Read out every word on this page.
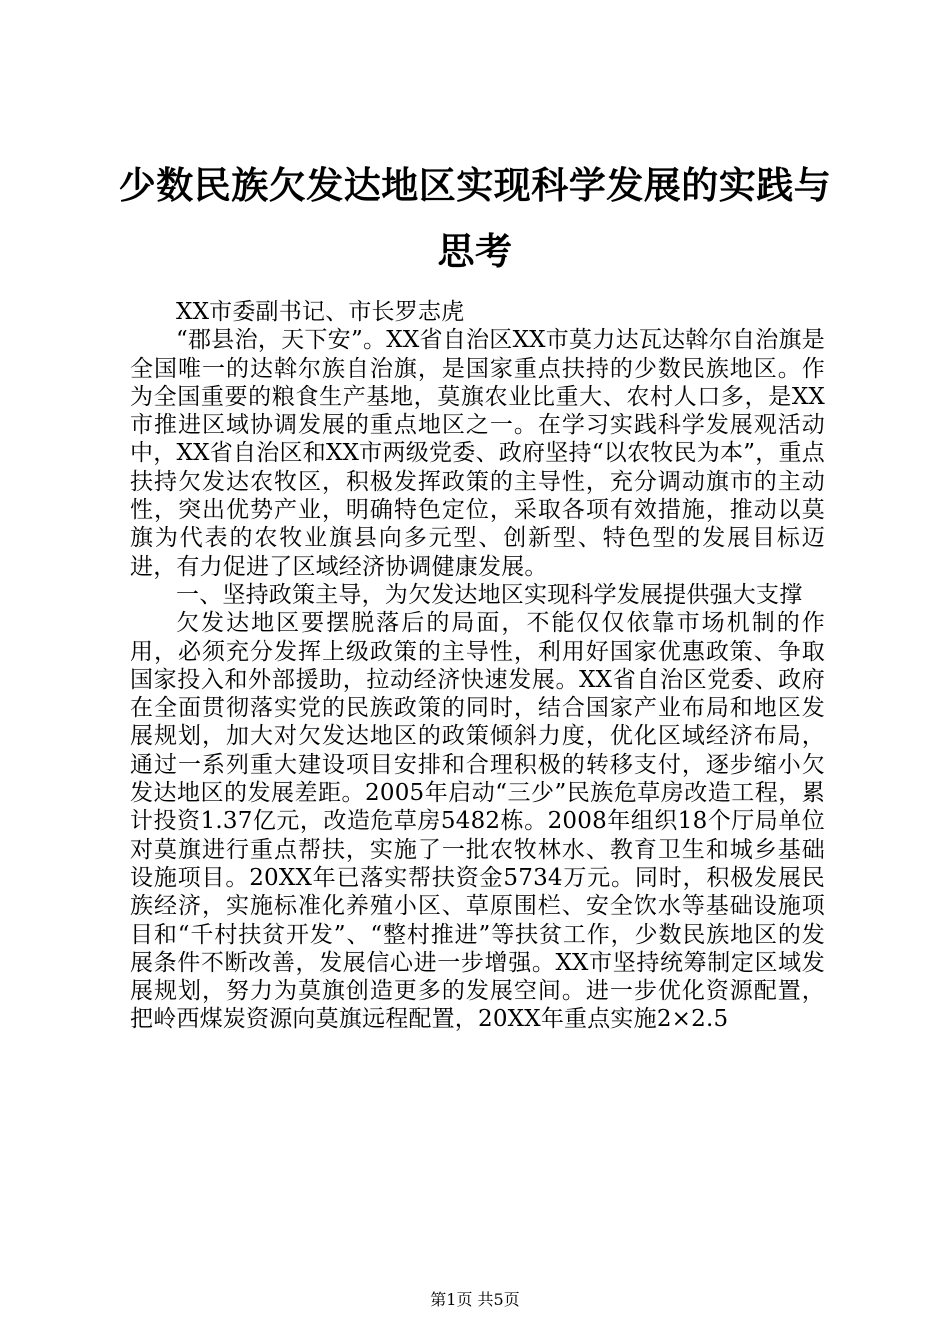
少数民族欠发达地区实现科学发展的实践与思考

XX市委副书记、市长罗志虎

“郡县治，天下安”。XX省自治区XX市莫力达瓦达斡尔自治旗是全国唯一的达斡尔族自治旗，是国家重点扶持的少数民族地区。作为全国重要的粮食生产基地，莫旗农业比重大、农村人口多，是XX市推进区域协调发展的重点地区之一。在学习实践科学发展观活动中，XX省自治区和XX市两级党委、政府坚持“以农牧民为本”，重点扶持欠发达农牧区，积极发挥政策的主导性，充分调动旗市的主动性，突出优势产业，明确特色定位，采取各项有效措施，推动以莫旗为代表的农牧业旗县向多元型、创新型、特色型的发展目标迈进，有力促进了区域经济协调健康发展。

一、坚持政策主导，为欠发达地区实现科学发展提供强大支撑

欠发达地区要摆脱落后的局面，不能仅仅依靠市场机制的作用，必须充分发挥上级政策的主导性，利用好国家优惠政策、争取国家投入和外部援助，拉动经济快速发展。XX省自治区党委、政府在全面贯彻落实党的民族政策的同时，结合国家产业布局和地区发展规划，加大对欠发达地区的政策倾斜力度，优化区域经济布局，通过一系列重大建设项目安排和合理积极的转移支付，逐步缩小欠发达地区的发展差距。2005年启动“三少”民族危草房改造工程，累计投资1.37亿元，改造危草房5482栋。2008年组织18个厅局单位对莫旗进行重点帮扶，实施了一批农牧林水、教育卫生和城乡基础设施项目。20XX年已落实帮扶资金5734万元。同时，积极发展民族经济，实施标准化养殖小区、草原围栏、安全饮水等基础设施项目和“千村扶贫开发”、“整村推进”等扶贫工作，少数民族地区的发展条件不断改善，发展信心进一步增强。XX市坚持统筹制定区域发展规划，努力为莫旗创造更多的发展空间。进一步优化资源配置，把岭西煤炭资源向莫旗远程配置，20XX年重点实施2×2.5

第1页 共5页
